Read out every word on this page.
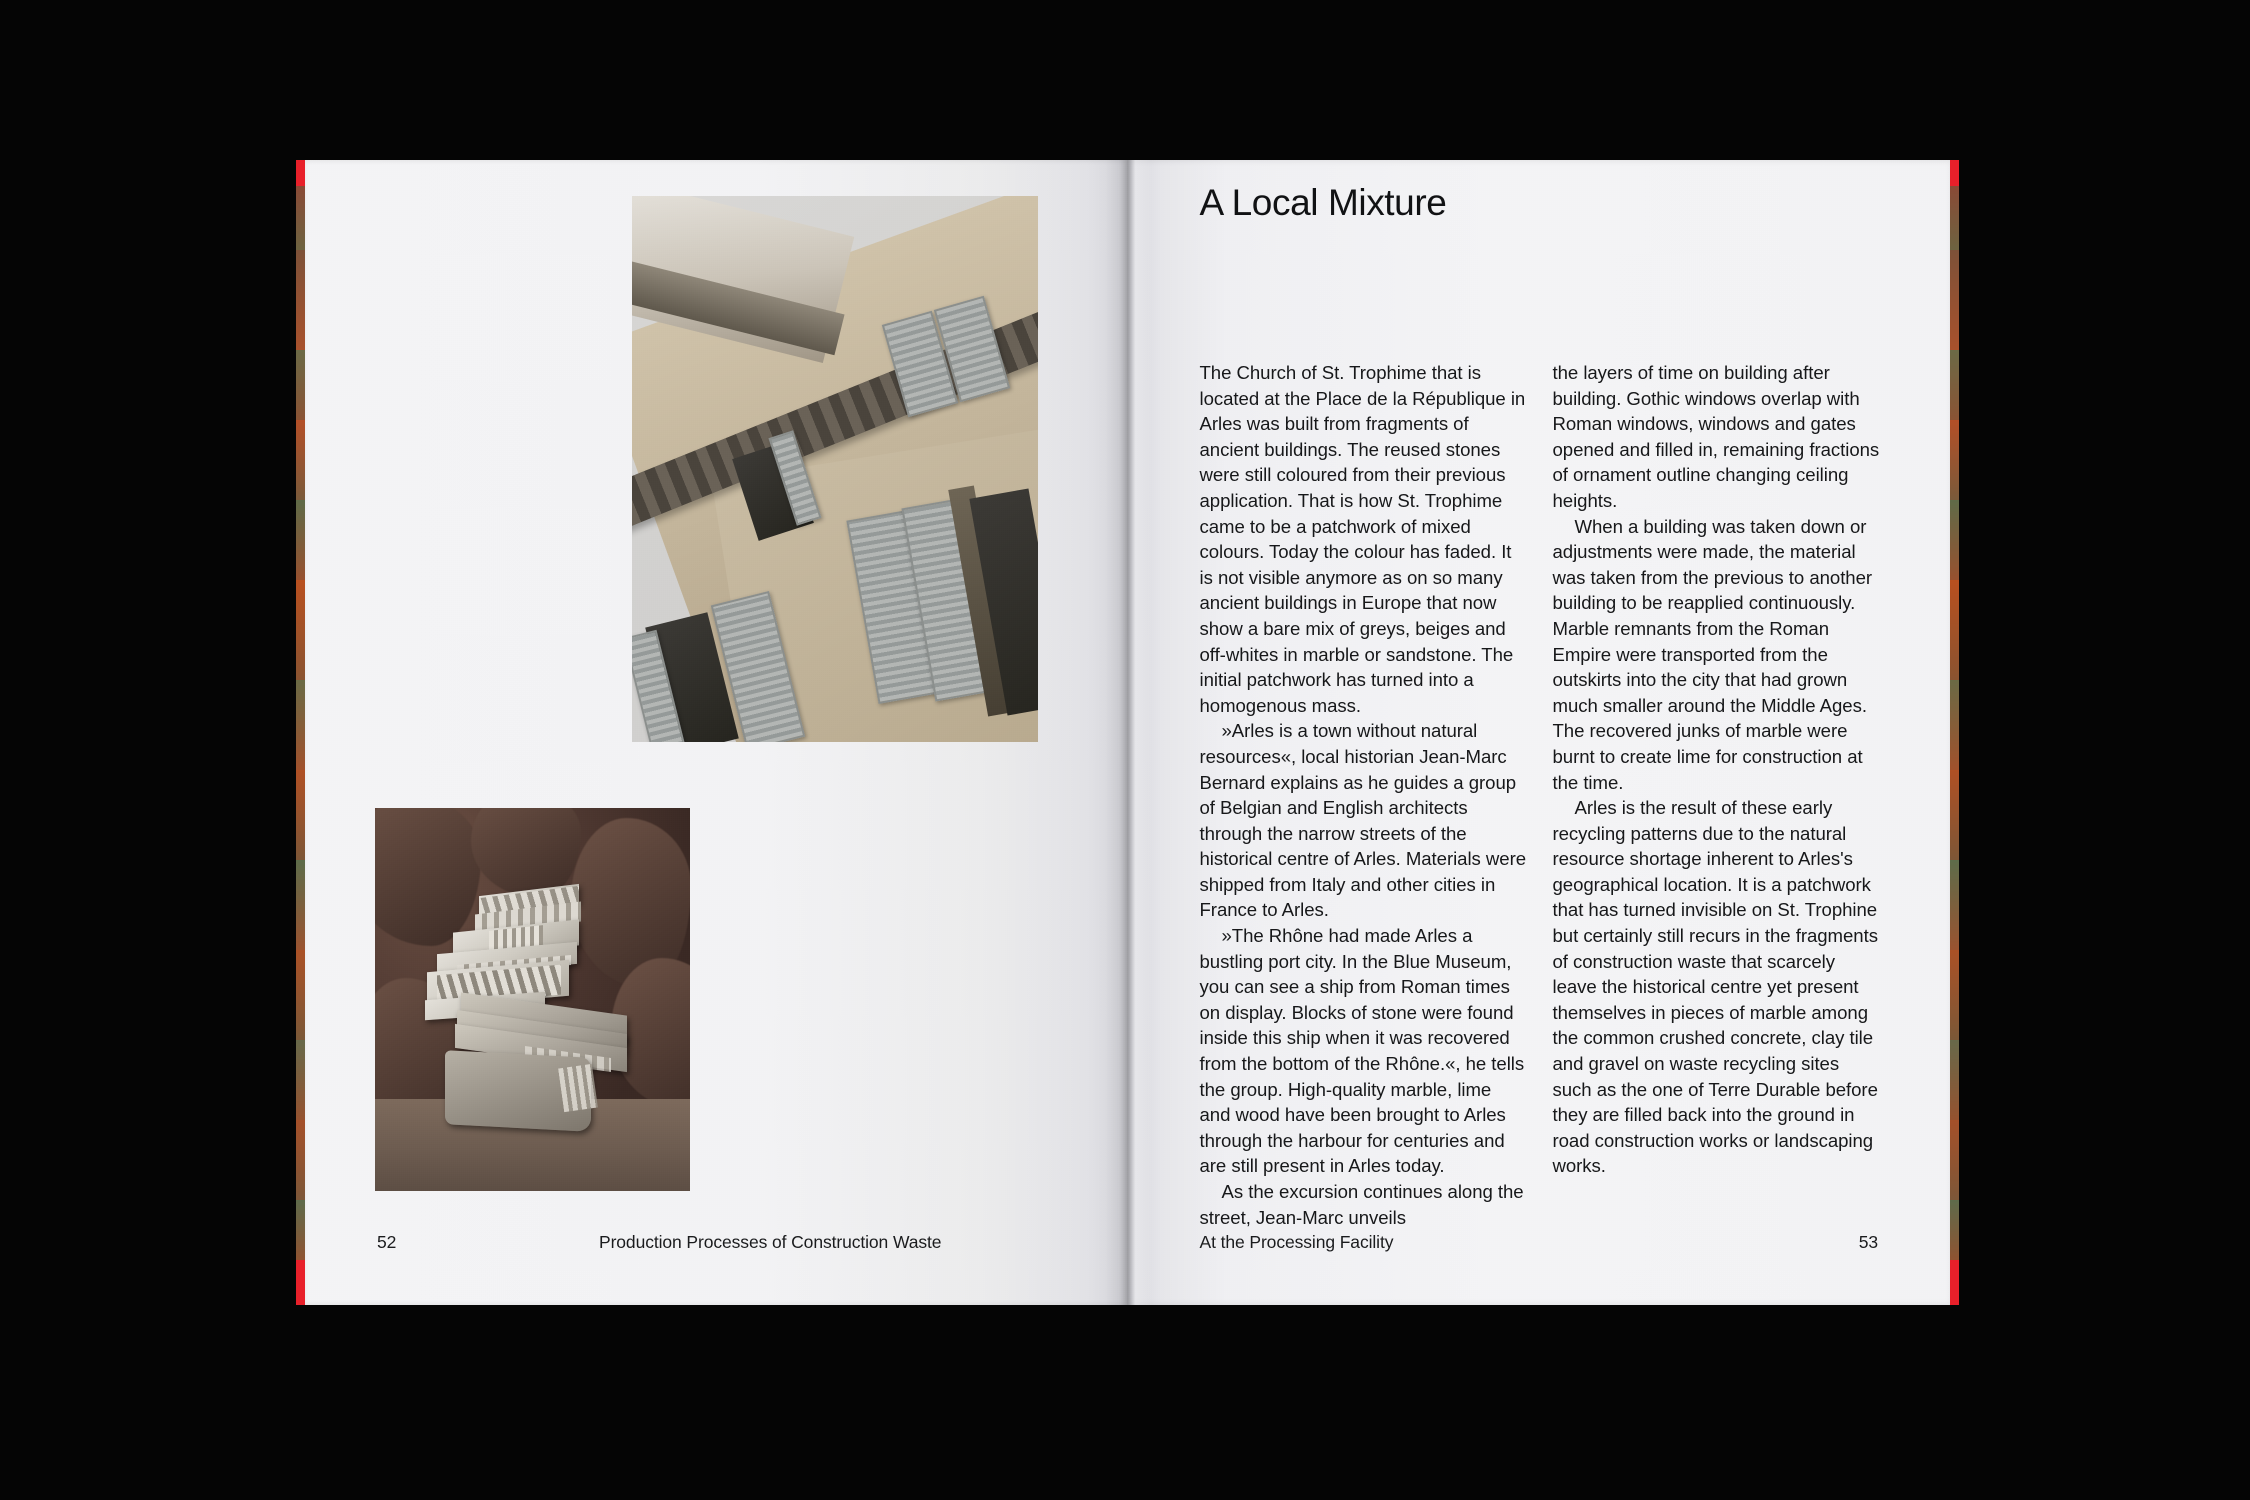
52	Production Processes of Construction Waste
A Local Mixture

The Church of St. Trophime that is located at the Place de la République in Arles was built from fragments of ancient buildings. The reused stones were still coloured from their previous application. That is how St. Trophime came to be a patchwork of mixed colours. Today the colour has faded. It is not visible anymore as on so many ancient buildings in Europe that now show a bare mix of greys, beiges and off-whites in marble or sandstone. The initial patchwork has turned into a homogenous mass.

»Arles is a town without natural resources«, local historian Jean-Marc Bernard explains as he guides a group of Belgian and English architects through the narrow streets of the historical centre of Arles. Materials were shipped from Italy and other cities in France to Arles.

»The Rhône had made Arles a bustling port city. In the Blue Museum, you can see a ship from Roman times on display. Blocks of stone were found inside this ship when it was recovered from the bottom of the Rhône.«, he tells the group. High-quality marble, lime and wood have been brought to Arles through the harbour for centuries and are still present in Arles today.

As the excursion continues along the street, Jean-Marc unveils

the layers of time on building after building. Gothic windows overlap with Roman windows, windows and gates opened and filled in, remaining fractions of ornament outline changing ceiling heights.

When a building was taken down or adjustments were made, the material was taken from the previous to another building to be reapplied continuously. Marble remnants from the Roman Empire were transported from the outskirts into the city that had grown much smaller around the Middle Ages. The recovered junks of marble were burnt to create lime for construction at the time.

Arles is the result of these early recycling patterns due to the natural resource shortage inherent to Arles's geographical location. It is a patchwork that has turned invisible on St. Trophine but certainly still recurs in the fragments of construction waste that scarcely leave the historical centre yet present themselves in pieces of marble among the common crushed concrete, clay tile and gravel on waste recycling sites such as the one of Terre Durable before they are filled back into the ground in road construction works or landscaping works.

At the Processing Facility	53
